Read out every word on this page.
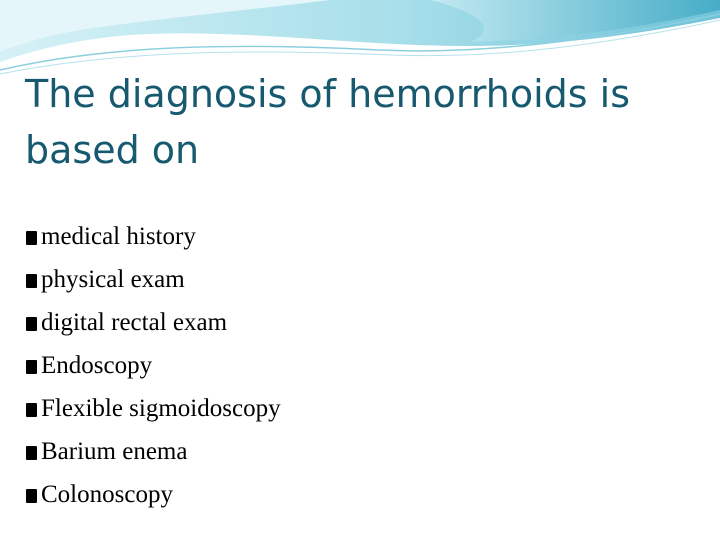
The diagnosis of hemorrhoids is based on
medical history
physical exam
digital rectal exam
Endoscopy
Flexible sigmoidoscopy
Barium enema
Colonoscopy
